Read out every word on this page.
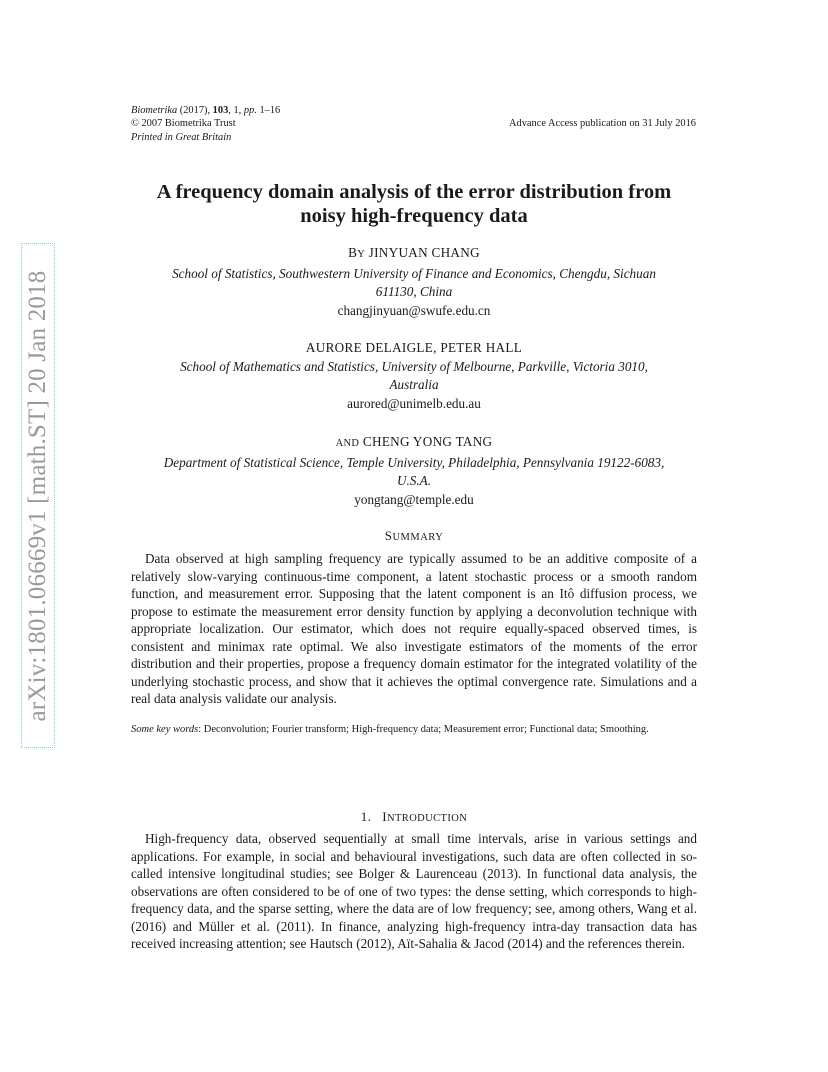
arXiv:1801.06669v1 [math.ST] 20 Jan 2018
Biometrika (2017), 103, 1, pp. 1–16
© 2007 Biometrika Trust
Printed in Great Britain
Advance Access publication on 31 July 2016
A frequency domain analysis of the error distribution from
noisy high-frequency data
BY JINYUAN CHANG
School of Statistics, Southwestern University of Finance and Economics, Chengdu, Sichuan
611130, China
changjinyuan@swufe.edu.cn
AURORE DELAIGLE, PETER HALL
School of Mathematics and Statistics, University of Melbourne, Parkville, Victoria 3010,
Australia
aurored@unimelb.edu.au
AND CHENG YONG TANG
Department of Statistical Science, Temple University, Philadelphia, Pennsylvania 19122-6083,
U.S.A.
yongtang@temple.edu
SUMMARY

Data observed at high sampling frequency are typically assumed to be an additive composite of a relatively slow-varying continuous-time component, a latent stochastic process or a smooth random function, and measurement error. Supposing that the latent component is an Itô diffusion process, we propose to estimate the measurement error density function by applying a deconvolution technique with appropriate localization. Our estimator, which does not require equally-spaced observed times, is consistent and minimax rate optimal. We also investigate estimators of the moments of the error distribution and their properties, propose a frequency domain estimator for the integrated volatility of the underlying stochastic process, and show that it achieves the optimal convergence rate. Simulations and a real data analysis validate our analysis.

Some key words: Deconvolution; Fourier transform; High-frequency data; Measurement error; Functional data; Smoothing.
1. INTRODUCTION

High-frequency data, observed sequentially at small time intervals, arise in various settings and applications. For example, in social and behavioural investigations, such data are often collected in so-called intensive longitudinal studies; see Bolger & Laurenceau (2013). In functional data analysis, the observations are often considered to be of one of two types: the dense setting, which corresponds to high-frequency data, and the sparse setting, where the data are of low frequency; see, among others, Wang et al. (2016) and Müller et al. (2011). In finance, analyzing high-frequency intra-day transaction data has received increasing attention; see Hautsch (2012), Aït-Sahalia & Jacod (2014) and the references therein.
